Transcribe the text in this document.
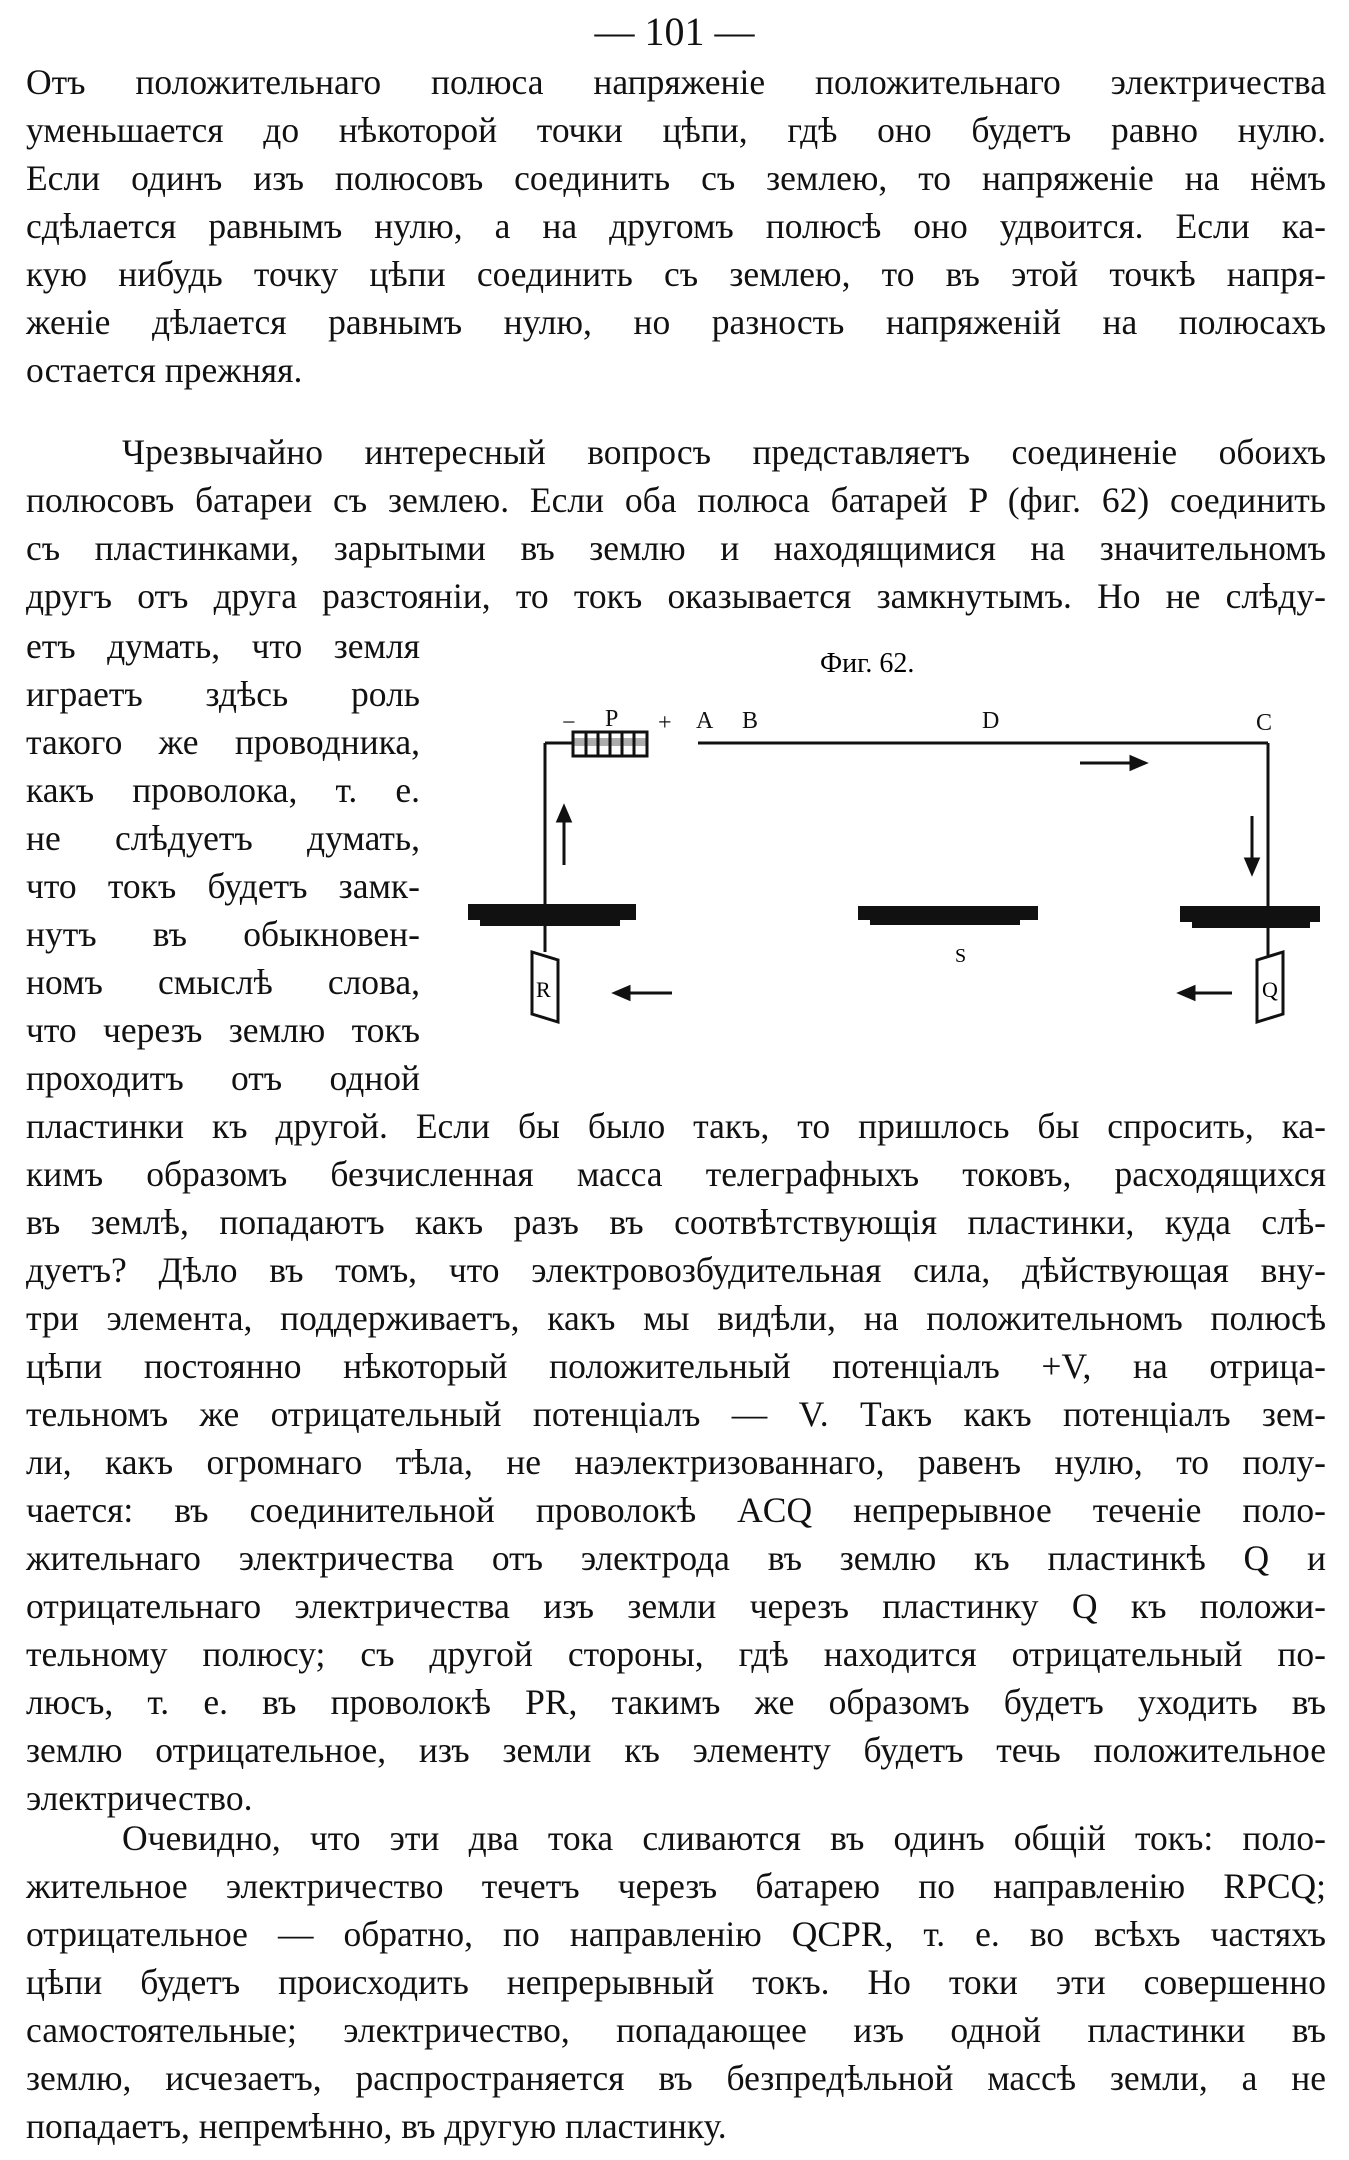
— 101 —
Отъ положительнаго полюса напряженіе положительнаго электричества
уменьшается до нѣкоторой точки цѣпи, гдѣ оно будетъ равно нулю.
Если одинъ изъ полюсовъ соединить съ землею, то напряженіе на нёмъ
сдѣлается равнымъ нулю, а на другомъ полюсѣ оно удвоится. Если ка-
кую нибудь точку цѣпи соединить съ землею, то въ этой точкѣ напря-
женіе дѣлается равнымъ нулю, но разность напряженій на полюсахъ
остается прежняя.
Чрезвычайно интересный вопросъ представляетъ соединеніе обоихъ
полюсовъ батареи съ землею. Если оба полюса батарей P (фиг. 62) соединить
съ пластинками, зарытыми въ землю и находящимися на значительномъ
другъ отъ друга разстояніи, то токъ оказывается замкнутымъ. Но не слѣду-
етъ думать, что земля
играетъ здѣсь роль
такого же проводника,
какъ проволока, т. е.
не слѣдуетъ думать,
что токъ будетъ замк-
нутъ въ обыкновен-
номъ смыслѣ слова,
что черезъ землю токъ
проходитъ отъ одной
Фиг. 62.
− P + A B	D	C
R	Q
S
пластинки къ другой. Если бы было такъ, то пришлось бы спросить, ка-
кимъ образомъ безчисленная масса телеграфныхъ токовъ, расходящихся
въ землѣ, попадаютъ какъ разъ въ соотвѣтствующія пластинки, куда слѣ-
дуетъ? Дѣло въ томъ, что электровозбудительная сила, дѣйствующая вну-
три элемента, поддерживаетъ, какъ мы видѣли, на положительномъ полюсѣ
цѣпи постоянно нѣкоторый положительный потенціалъ +V, на отрица-
тельномъ же отрицательный потенціалъ — V. Такъ какъ потенціалъ зем-
ли, какъ огромнаго тѣла, не наэлектризованнаго, равенъ нулю, то полу-
чается: въ соединительной проволокѣ ACQ непрерывное теченіе поло-
жительнаго электричества отъ электрода въ землю къ пластинкѣ Q и
отрицательнаго электричества изъ земли черезъ пластинку Q къ положи-
тельному полюсу; съ другой стороны, гдѣ находится отрицательный по-
люсъ, т. е. въ проволокѣ PR, такимъ же образомъ будетъ уходить въ
землю отрицательное, изъ земли къ элементу будетъ течь положительное
электричество.
Очевидно, что эти два тока сливаются въ одинъ общій токъ: поло-
жительное электричество течетъ черезъ батарею по направленію RPCQ;
отрицательное — обратно, по направленію QCPR, т. е. во всѣхъ частяхъ
цѣпи будетъ происходить непрерывный токъ. Но токи эти совершенно
самостоятельные; электричество, попадающее изъ одной пластинки въ
землю, исчезаетъ, распространяется въ безпредѣльной массѣ земли, а не
попадаетъ, непремѣнно, въ другую пластинку.
